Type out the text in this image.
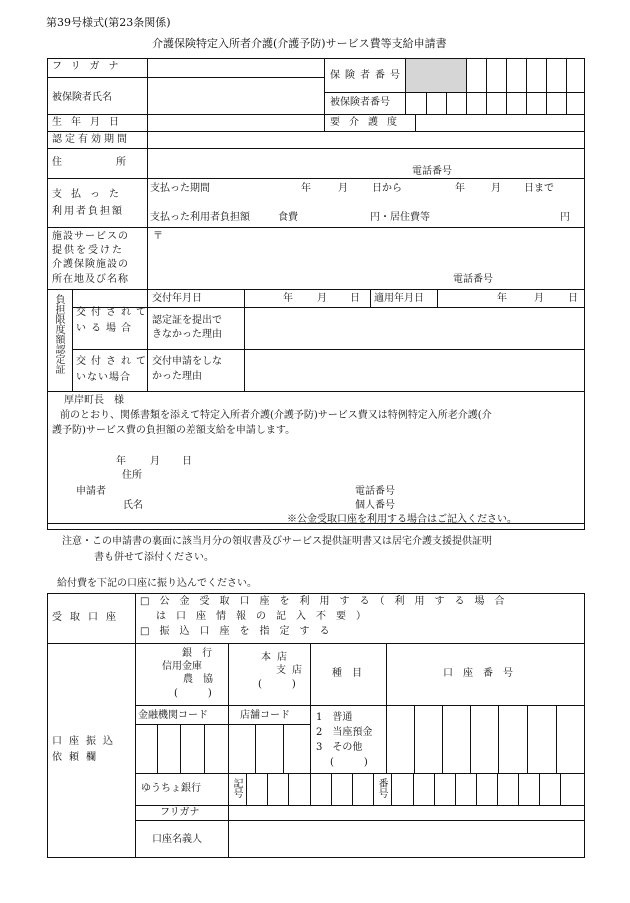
第39号様式(第23条関係)
介護保険特定入所者介護(介護予防)サービス費等支給申請書
フリガナ
被保険者氏名
保険者番号
被保険者番号
生年月日	要介護度
認定有効期間
住所
電話番号
支払った
利用者負担額
支払った期間	年	月 日から	年	月 日まで
支払った利用者負担額	食費	円・居住費等	円
施設サービスの
提供を受けた
介護保険施設の
所在地及び名称
〒
電話番号
負担限度額認定証 交付されて
いる場合
交付年月日	年 月 日 適用年月日	年	月 日
認定証を提出で
きなかった理由
交付されて
いない場合
交付申請をしな
かった理由
厚岸町長　様
前のとおり、関係書類を添えて特定入所者介護(介護予防)サービス費又は特例特定入所老介護(介
護予防)サービス費の負担額の差額支給を申請します。
年 月 日
住所
申請者
氏名
電話番号
個人番号
※公金受取口座を利用する場合はご記入ください。
注意・この申請書の裏面に該当月分の領収書及びサービス提供証明書又は居宅介護支援提供証明
書も併せて添付ください。
給付費を下記の口座に振り込んでください。
受取口座
□　公　金　受　取　口　座　を　利　用　す　る　（　利　用　す　る　場　合
は　口　座　情　報　の　記　入　不　要　）
□　振　込　口　座　を　指　定　す　る
口座振込
依頼欄
銀　行
信用金庫
農　協
(　　　)
本店
支店
(　　　)
種　目	口　座　番　号
金融機関コード	店舗コード	1　普通
2　当座預金
3　その他
(　　　)
ゆうちょ銀行	記号	番号
フリガナ
口座名義人
